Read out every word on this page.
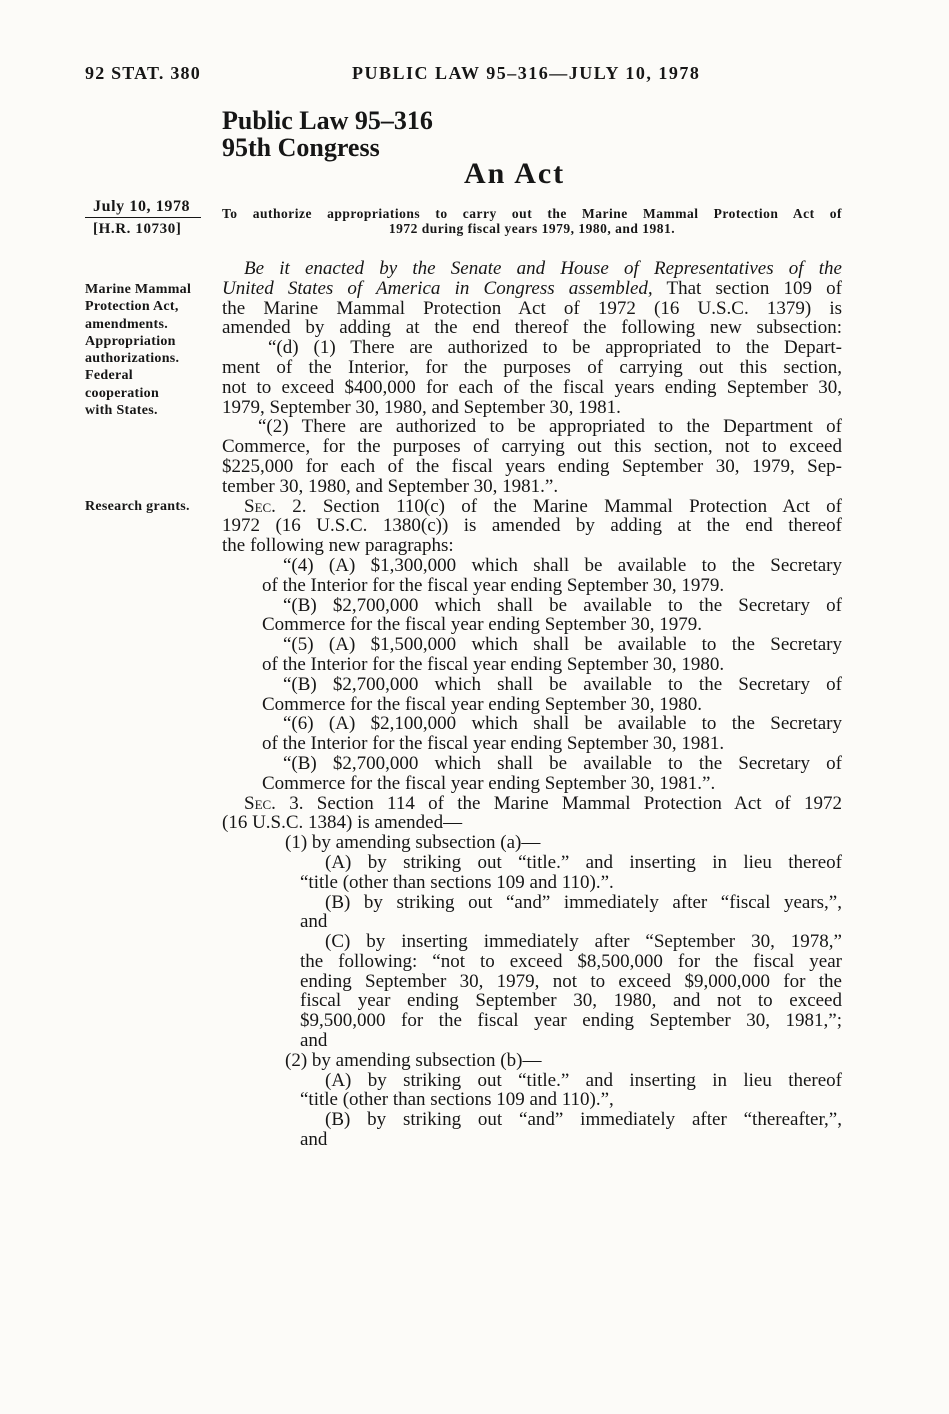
92 STAT. 380	PUBLIC LAW 95–316—JULY 10, 1978
Public Law 95–316
95th Congress
An Act
To authorize appropriations to carry out the Marine Mammal Protection Act of
1972 during fiscal years 1979, 1980, and 1981.
July 10, 1978
[H.R. 10730]
Marine Mammal
Protection Act,
amendments.
Appropriation
authorizations.
Federal
cooperation
with States.
Research grants.
Be it enacted by the Senate and House of Representatives of the
United States of America in Congress assembled, That section 109 of
the Marine Mammal Protection Act of 1972 (16 U.S.C. 1379) is
amended by adding at the end thereof the following new subsection:
“(d) (1) There are authorized to be appropriated to the Depart-
ment of the Interior, for the purposes of carrying out this section,
not to exceed $400,000 for each of the fiscal years ending September 30,
1979, September 30, 1980, and September 30, 1981.
“(2) There are authorized to be appropriated to the Department of
Commerce, for the purposes of carrying out this section, not to exceed
$225,000 for each of the fiscal years ending September 30, 1979, Sep-
tember 30, 1980, and September 30, 1981.”.
Sec. 2. Section 110(c) of the Marine Mammal Protection Act of
1972 (16 U.S.C. 1380(c)) is amended by adding at the end thereof
the following new paragraphs:
“(4) (A) $1,300,000 which shall be available to the Secretary
of the Interior for the fiscal year ending September 30, 1979.
“(B) $2,700,000 which shall be available to the Secretary of
Commerce for the fiscal year ending September 30, 1979.
“(5) (A) $1,500,000 which shall be available to the Secretary
of the Interior for the fiscal year ending September 30, 1980.
“(B) $2,700,000 which shall be available to the Secretary of
Commerce for the fiscal year ending September 30, 1980.
“(6) (A) $2,100,000 which shall be available to the Secretary
of the Interior for the fiscal year ending September 30, 1981.
“(B) $2,700,000 which shall be available to the Secretary of
Commerce for the fiscal year ending September 30, 1981.”.
Sec. 3. Section 114 of the Marine Mammal Protection Act of 1972
(16 U.S.C. 1384) is amended—
(1) by amending subsection (a)—
(A) by striking out “title.” and inserting in lieu thereof
“title (other than sections 109 and 110).”.
(B) by striking out “and” immediately after “fiscal years,”,
and
(C) by inserting immediately after “September 30, 1978,”
the following: “not to exceed $8,500,000 for the fiscal year
ending September 30, 1979, not to exceed $9,000,000 for the
fiscal year ending September 30, 1980, and not to exceed
$9,500,000 for the fiscal year ending September 30, 1981,”;
and
(2) by amending subsection (b)—
(A) by striking out “title.” and inserting in lieu thereof
“title (other than sections 109 and 110).”,
(B) by striking out “and” immediately after “thereafter,”,
and
